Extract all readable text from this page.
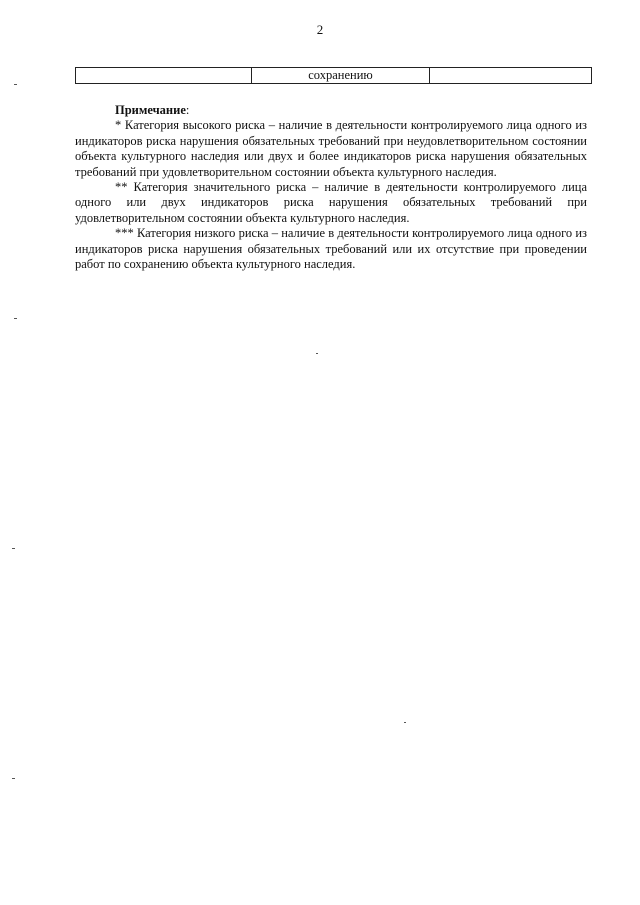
2
сохранению

Примечание:

* Категория высокого риска – наличие в деятельности контролируемого лица одного из индикаторов риска нарушения обязательных требований при неудовлетворительном состоянии объекта культурного наследия или двух и более индикаторов риска нарушения обязательных требований при удовлетворительном состоянии объекта культурного наследия.

** Категория значительного риска – наличие в деятельности контролируемого лица одного или двух индикаторов риска нарушения обязательных требований при удовлетворительном состоянии объекта культурного наследия.

*** Категория низкого риска – наличие в деятельности контролируемого лица одного из индикаторов риска нарушения обязательных требований или их отсутствие при проведении работ по сохранению объекта культурного наследия.
